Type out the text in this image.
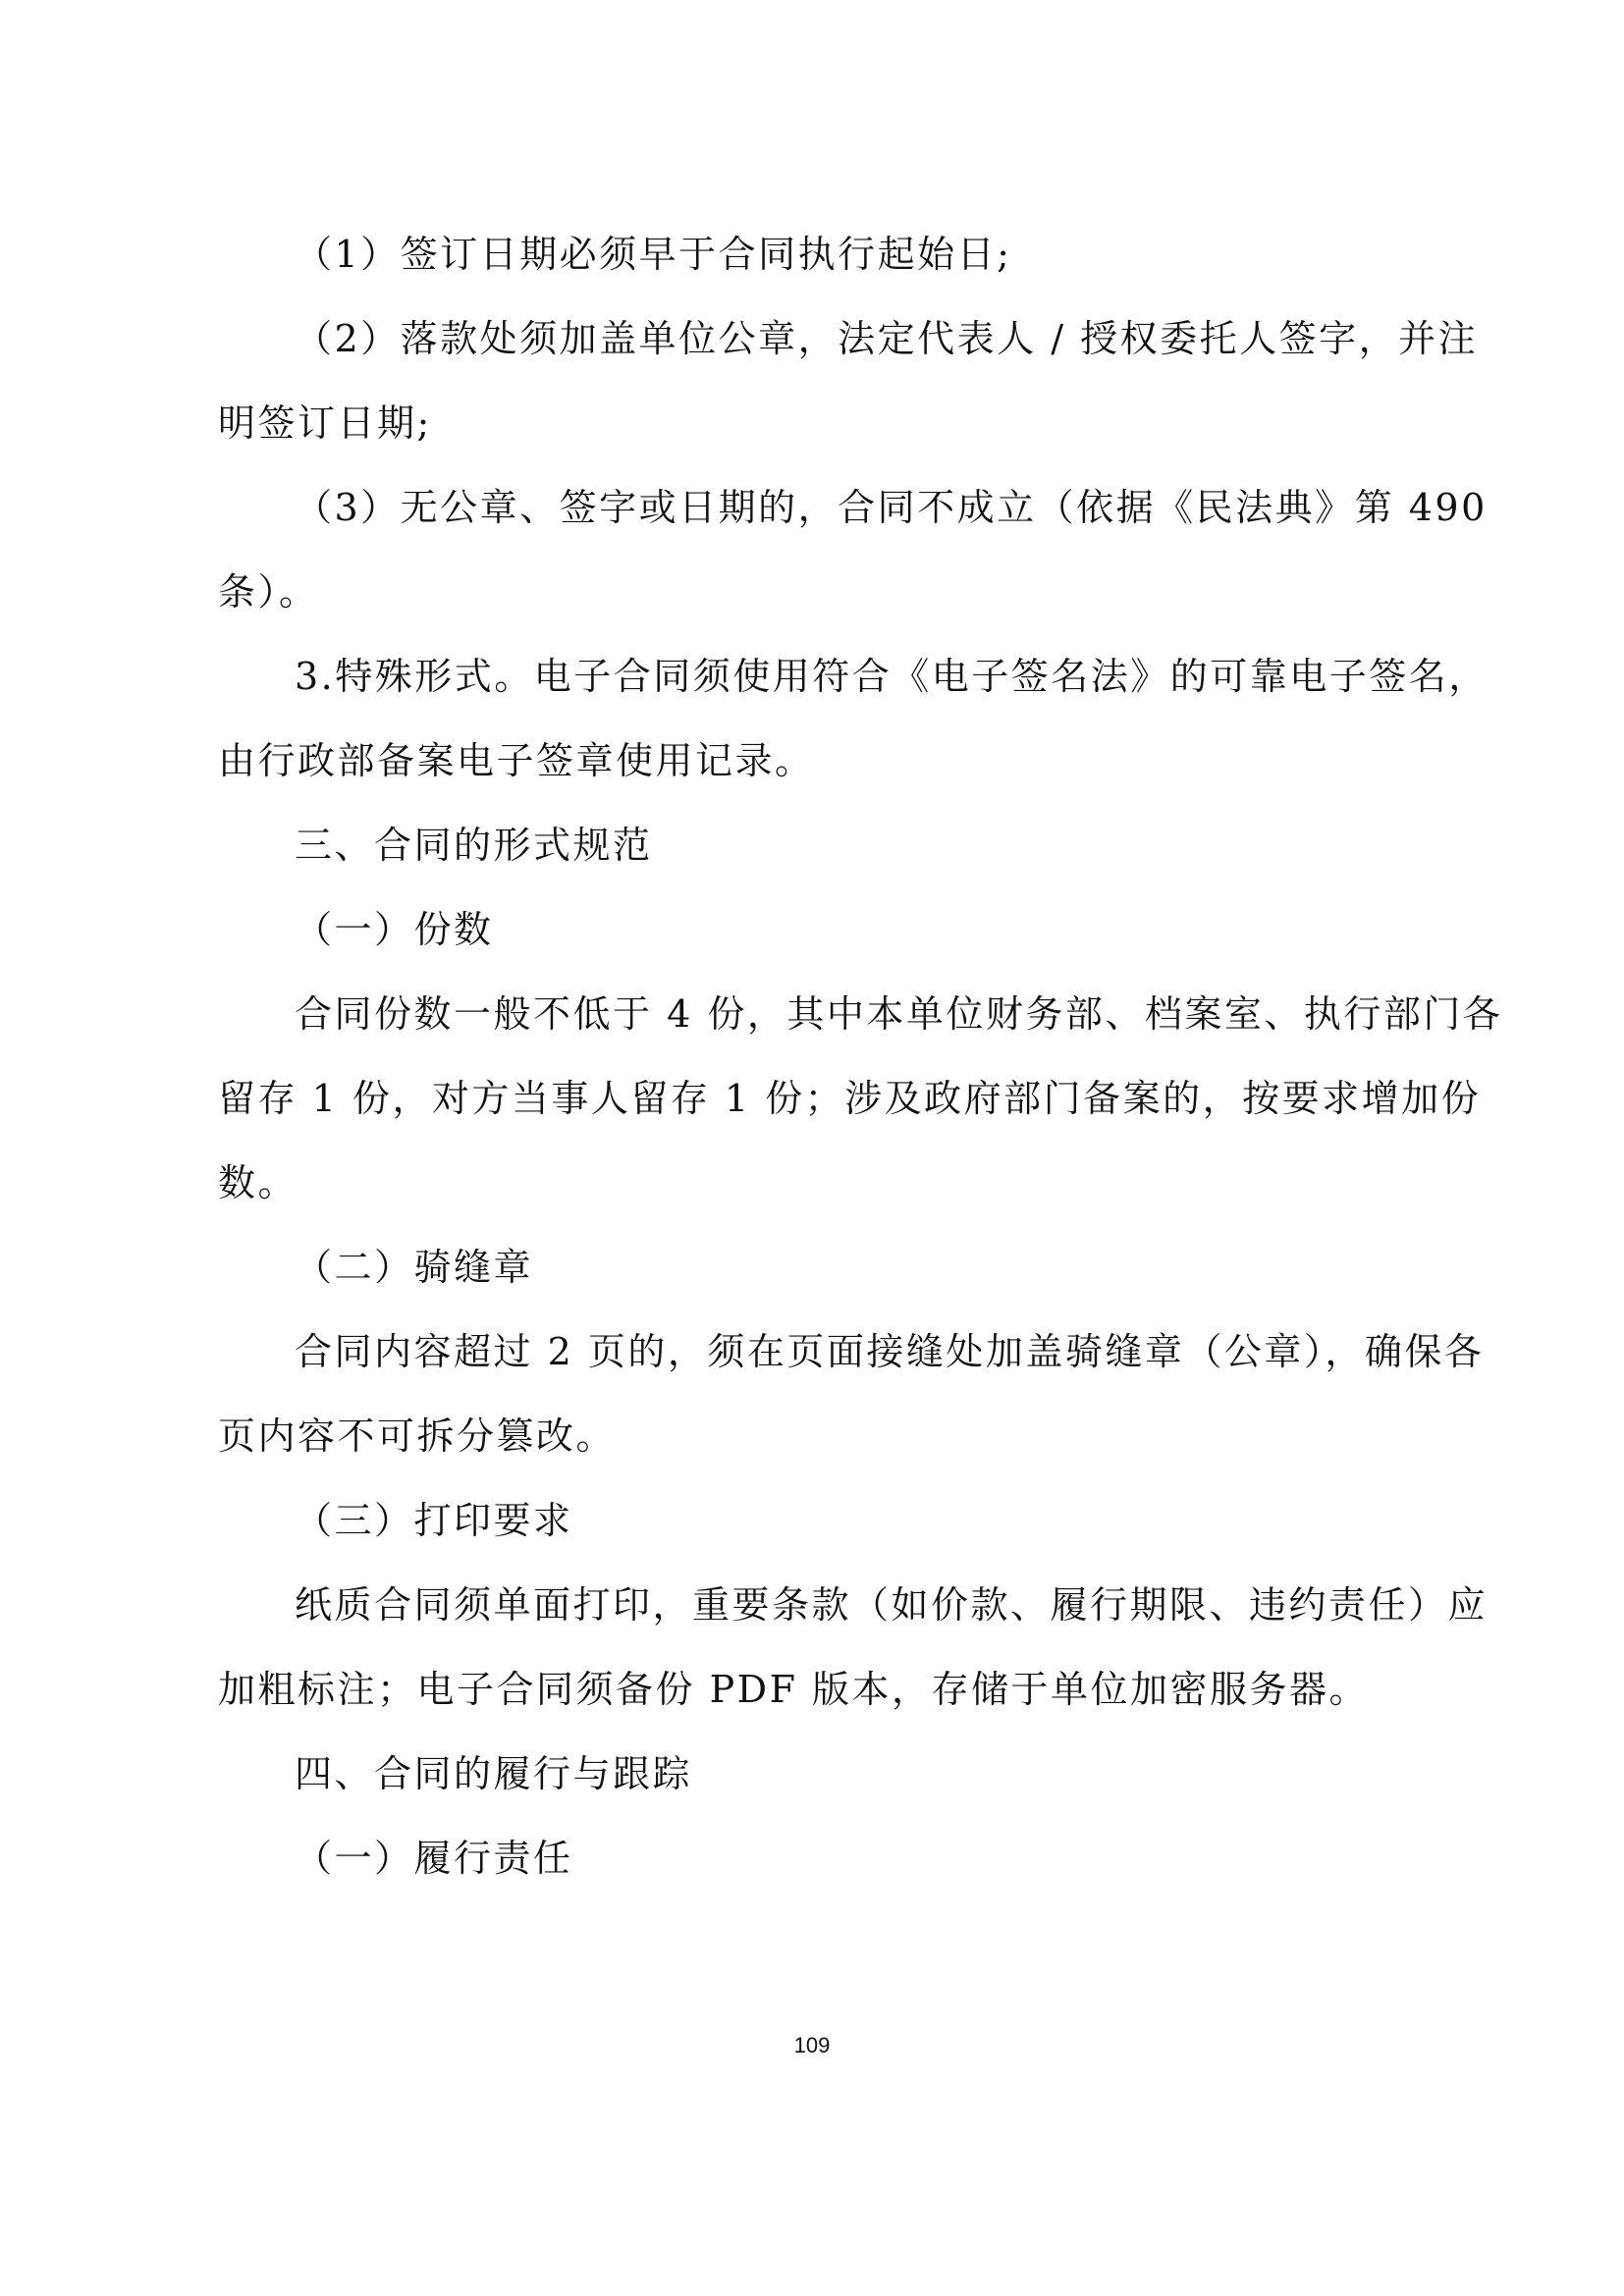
（1）签订日期必须早于合同执行起始日;
（2）落款处须加盖单位公章，法定代表人 / 授权委托人签字，并注
明签订日期;
（3）无公章、签字或日期的，合同不成立（依据《民法典》第 490
条）。
3.特殊形式。电子合同须使用符合《电子签名法》的可靠电子签名，
由行政部备案电子签章使用记录。
三、合同的形式规范
（一）份数
合同份数一般不低于 4 份，其中本单位财务部、档案室、执行部门各
留存 1 份，对方当事人留存 1 份；涉及政府部门备案的，按要求增加份
数。
（二）骑缝章
合同内容超过 2 页的，须在页面接缝处加盖骑缝章（公章），确保各
页内容不可拆分篡改。
（三）打印要求
纸质合同须单面打印，重要条款（如价款、履行期限、违约责任）应
加粗标注；电子合同须备份 PDF 版本，存储于单位加密服务器。
四、合同的履行与跟踪
（一）履行责任
109
